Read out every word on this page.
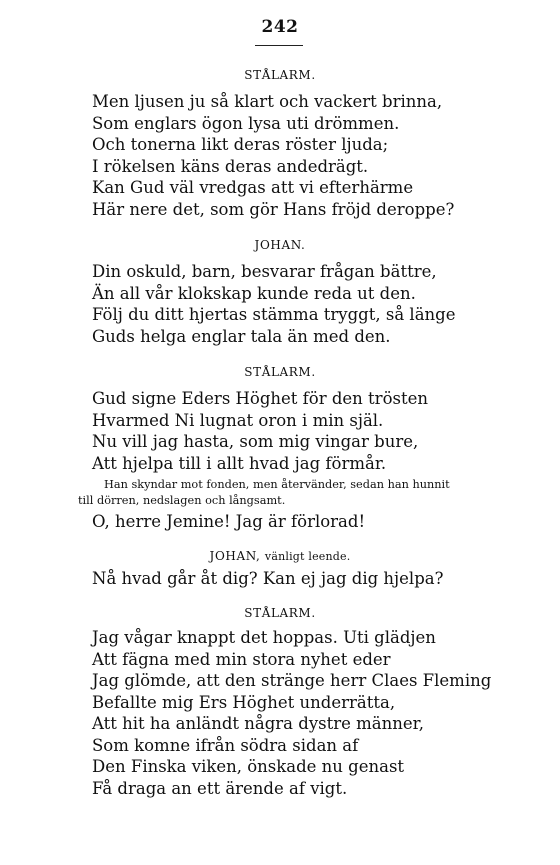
242
STÅLARM.
Men ljusen ju så klart och vackert brinna,
Som englars ögon lysa uti drömmen.
Och tonerna likt deras röster ljuda;
I rökelsen käns deras andedrägt.
Kan Gud väl vredgas att vi efterhärme
Här nere det, som gör Hans fröjd deroppe?
JOHAN.
Din oskuld, barn, besvarar frågan bättre,
Än all vår klokskap kunde reda ut den.
Följ du ditt hjertas stämma tryggt, så länge
Guds helga englar tala än med den.
STÅLARM.
Gud signe Eders Höghet för den trösten
Hvarmed Ni lugnat oron i min själ.
Nu vill jag hasta, som mig vingar bure,
Att hjelpa till i allt hvad jag förmår.
Han skyndar mot fonden, men återvänder, sedan han hunnit
till dörren, nedslagen och långsamt.
O, herre Jemine! Jag är förlorad!
JOHAN, vänligt leende.
Nå hvad går åt dig? Kan ej jag dig hjelpa?
STÅLARM.
Jag vågar knappt det hoppas. Uti glädjen
Att fägna med min stora nyhet eder
Jag glömde, att den stränge herr Claes Fleming
Befallte mig Ers Höghet underrätta,
Att hit ha anländt några dystre männer,
Som komne ifrån södra sidan af
Den Finska viken, önskade nu genast
Få draga an ett ärende af vigt.
